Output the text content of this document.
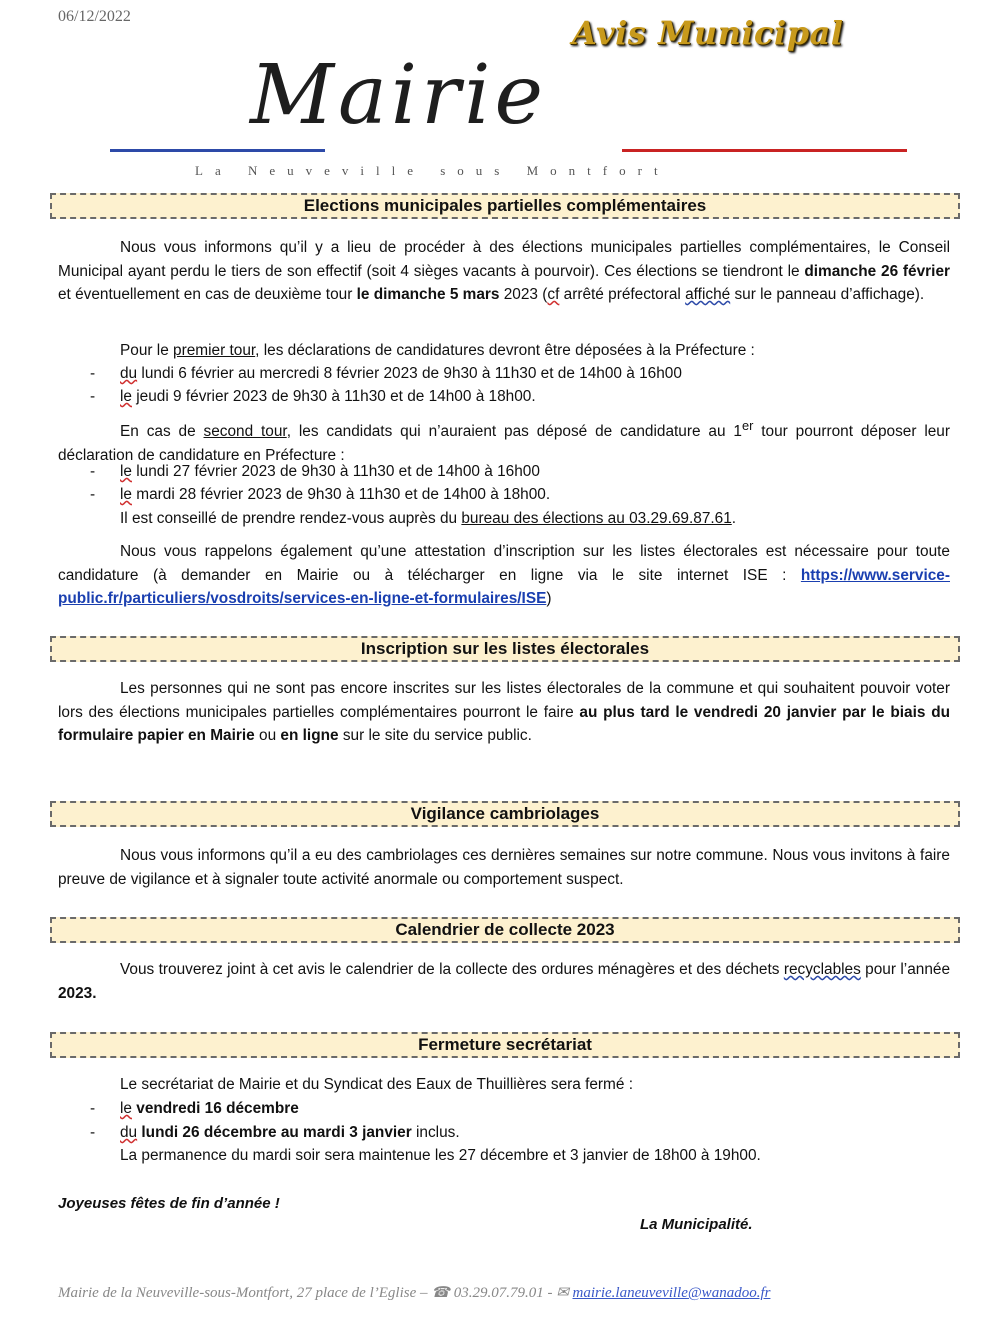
06/12/2022	Avis Municipal
Mairie
La Neuveville sous Montfort
Elections municipales partielles complémentaires
Nous vous informons qu’il y a lieu de procéder à des élections municipales partielles complémentaires, le Conseil Municipal ayant perdu le tiers de son effectif (soit 4 sièges vacants à pourvoir). Ces élections se tiendront le dimanche 26 février et éventuellement en cas de deuxième tour le dimanche 5 mars 2023 (cf arrêté préfectoral affiché sur le panneau d’affichage).
Pour le premier tour, les déclarations de candidatures devront être déposées à la Préfecture :
- du lundi 6 février au mercredi 8 février 2023 de 9h30 à 11h30 et de 14h00 à 16h00
- le jeudi 9 février 2023 de 9h30 à 11h30 et de 14h00 à 18h00.
En cas de second tour, les candidats qui n’auraient pas déposé de candidature au 1er tour pourront déposer leur déclaration de candidature en Préfecture :
- le lundi 27 février 2023 de 9h30 à 11h30 et de 14h00 à 16h00
- le mardi 28 février 2023 de 9h30 à 11h30 et de 14h00 à 18h00.
Il est conseillé de prendre rendez-vous auprès du bureau des élections au 03.29.69.87.61.
Nous vous rappelons également qu’une attestation d’inscription sur les listes électorales est nécessaire pour toute candidature (à demander en Mairie ou à télécharger en ligne via le site internet ISE : https://www.service-public.fr/particuliers/vosdroits/services-en-ligne-et-formulaires/ISE)
Inscription sur les listes électorales
Les personnes qui ne sont pas encore inscrites sur les listes électorales de la commune et qui souhaitent pouvoir voter lors des élections municipales partielles complémentaires pourront le faire au plus tard le vendredi 20 janvier par le biais du formulaire papier en Mairie ou en ligne sur le site du service public.
Vigilance cambriolages
Nous vous informons qu’il a eu des cambriolages ces dernières semaines sur notre commune. Nous vous invitons à faire preuve de vigilance et à signaler toute activité anormale ou comportement suspect.
Calendrier de collecte 2023
Vous trouverez joint à cet avis le calendrier de la collecte des ordures ménagères et des déchets recyclables pour l’année 2023.
Fermeture secrétariat
Le secrétariat de Mairie et du Syndicat des Eaux de Thuillières sera fermé :
- le vendredi 16 décembre
- du lundi 26 décembre au mardi 3 janvier inclus.
La permanence du mardi soir sera maintenue les 27 décembre et 3 janvier de 18h00 à 19h00.
Joyeuses fêtes de fin d’année !
La Municipalité.
Mairie de la Neuveville-sous-Montfort, 27 place de l’Eglise – ☎ 03.29.07.79.01 - ✉ mairie.laneuveville@wanadoo.fr
